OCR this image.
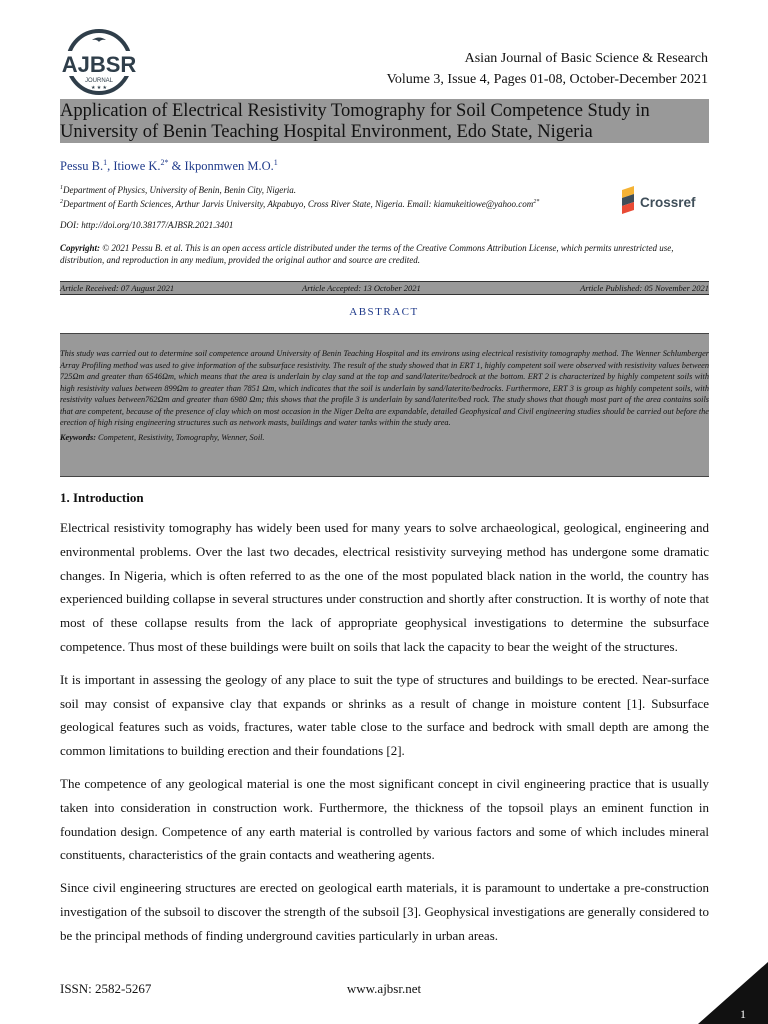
AJBSR
JOURNAL
★ ★ ★
Asian Journal of Basic Science & Research
Volume 3, Issue 4, Pages 01-08, October-December 2021
Application of Electrical Resistivity Tomography for Soil Competence Study in
University of Benin Teaching Hospital Environment, Edo State, Nigeria
Pessu B.$^1$, Itiowe K.$^{2*}$ & Ikponmwen M.O.$^1$
$^1$Department of Physics, University of Benin, Benin City, Nigeria.
$^2$Department of Earth Sciences, Arthur Jarvis University, Akpabuyo, Cross River State, Nigeria. Email: kiamukeitiowe@yahoo.com$^{2*}$	Crossref
DOI: http://doi.org/10.38177/AJBSR.2021.3401
Copyright: © 2021 Pessu B. et al. This is an open access article distributed under the terms of the Creative Commons Attribution License, which permits unrestricted use, distribution, and reproduction in any medium, provided the original author and source are credited.
Article Received: 07 August 2021	Article Accepted: 13 October 2021	Article Published: 05 November 2021
ABSTRACT
This study was carried out to determine soil competence around University of Benin Teaching Hospital and its environs using electrical resistivity tomography method. The Wenner Schlumberger Array Profiling method was used to give information of the subsurface resistivity. The result of the study showed that in ERT 1, highly competent soil were observed with resistivity values between 725Ωm and greater than 6546Ωm, which means that the area is underlain by clay sand at the top and sand/laterite/bedrock at the bottom. ERT 2 is characterized by highly competent soils with high resistivity values between 899Ωm to greater than 7851 Ωm, which indicates that the soil is underlain by sand/laterite/bedrocks. Furthermore, ERT 3 is group as highly competent soils, with resistivity values between762Ωm and greater than 6980 Ωm; this shows that the profile 3 is underlain by sand/laterite/bed rock. The study shows that though most part of the area contains soils that are competent, because of the presence of clay which on most occasion in the Niger Delta are expandable, detailed Geophysical and Civil engineering studies should be carried out before the erection of high rising engineering structures such as network masts, buildings and water tanks within the study area.
Keywords: Competent, Resistivity, Tomography, Wenner, Soil.
1. Introduction

Electrical resistivity tomography has widely been used for many years to solve archaeological, geological, engineering and environmental problems. Over the last two decades, electrical resistivity surveying method has undergone some dramatic changes. In Nigeria, which is often referred to as the one of the most populated black nation in the world, the country has experienced building collapse in several structures under construction and shortly after construction. It is worthy of note that most of these collapse results from the lack of appropriate geophysical investigations to determine the subsurface competence. Thus most of these buildings were built on soils that lack the capacity to bear the weight of the structures.

It is important in assessing the geology of any place to suit the type of structures and buildings to be erected. Near-surface soil may consist of expansive clay that expands or shrinks as a result of change in moisture content [1]. Subsurface geological features such as voids, fractures, water table close to the surface and bedrock with small depth are among the common limitations to building erection and their foundations [2].

The competence of any geological material is one the most significant concept in civil engineering practice that is usually taken into consideration in construction work. Furthermore, the thickness of the topsoil plays an eminent function in foundation design. Competence of any earth material is controlled by various factors and some of which includes mineral constituents, characteristics of the grain contacts and weathering agents.

Since civil engineering structures are erected on geological earth materials, it is paramount to undertake a pre-construction investigation of the subsoil to discover the strength of the subsoil [3]. Geophysical investigations are generally considered to be the principal methods of finding underground cavities particularly in urban areas.

ISSN: 2582-5267	www.ajbsr.net
1
